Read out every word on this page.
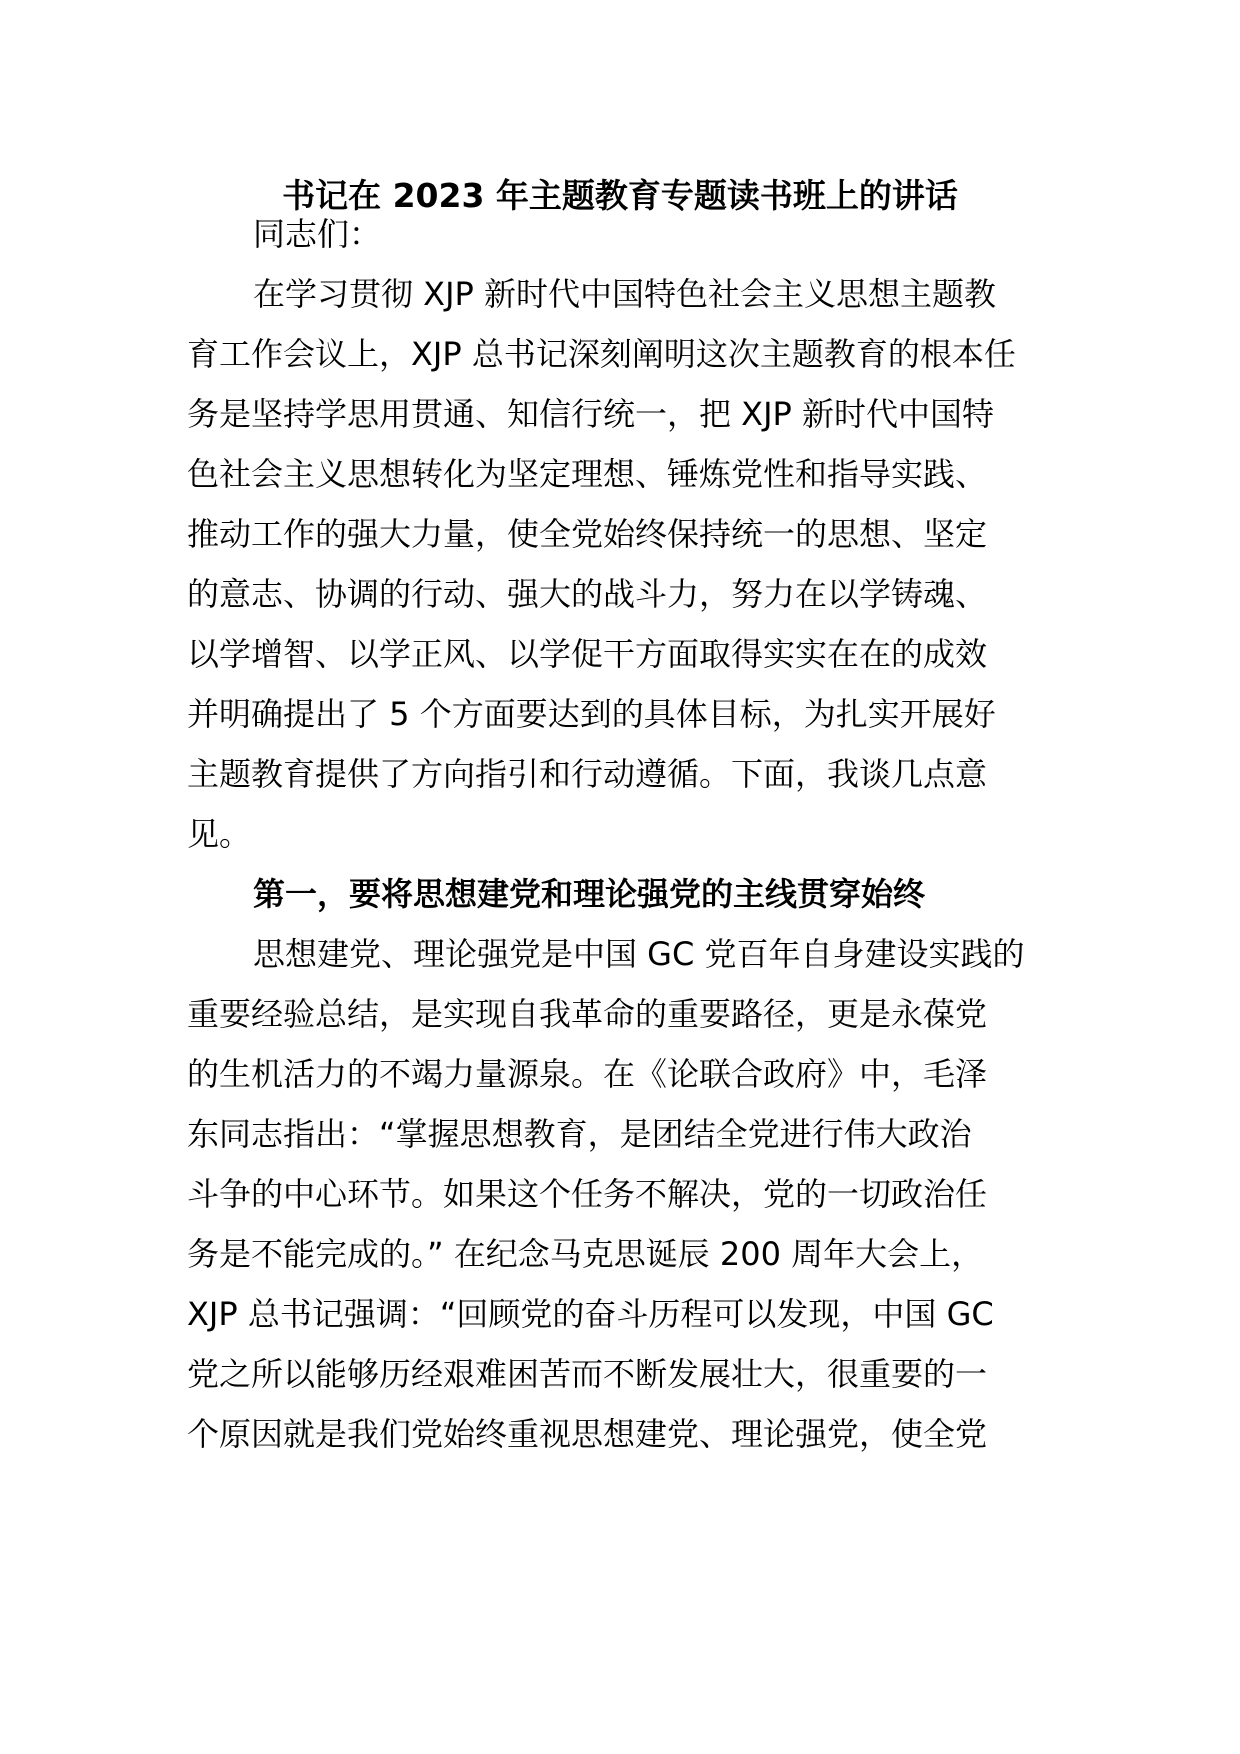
书记在 2023 年主题教育专题读书班上的讲话

同志们：

在学习贯彻 XJP 新时代中国特色社会主义思想主题教

育工作会议上，XJP 总书记深刻阐明这次主题教育的根本任

务是坚持学思用贯通、知信行统一，把 XJP 新时代中国特

色社会主义思想转化为坚定理想、锤炼党性和指导实践、

推动工作的强大力量，使全党始终保持统一的思想、坚定

的意志、协调的行动、强大的战斗力，努力在以学铸魂、

以学增智、以学正风、以学促干方面取得实实在在的成效

并明确提出了 5 个方面要达到的具体目标，为扎实开展好

主题教育提供了方向指引和行动遵循。下面，我谈几点意

见。

第一，要将思想建党和理论强党的主线贯穿始终

思想建党、理论强党是中国 GC 党百年自身建设实践的

重要经验总结，是实现自我革命的重要路径，更是永葆党

的生机活力的不竭力量源泉。在《论联合政府》中，毛泽

东同志指出：“掌握思想教育，是团结全党进行伟大政治

斗争的中心环节。如果这个任务不解决，党的一切政治任

务是不能完成的。” 在纪念马克思诞辰 200 周年大会上，

XJP 总书记强调：“回顾党的奋斗历程可以发现，中国 GC

党之所以能够历经艰难困苦而不断发展壮大，很重要的一

个原因就是我们党始终重视思想建党、理论强党，使全党
